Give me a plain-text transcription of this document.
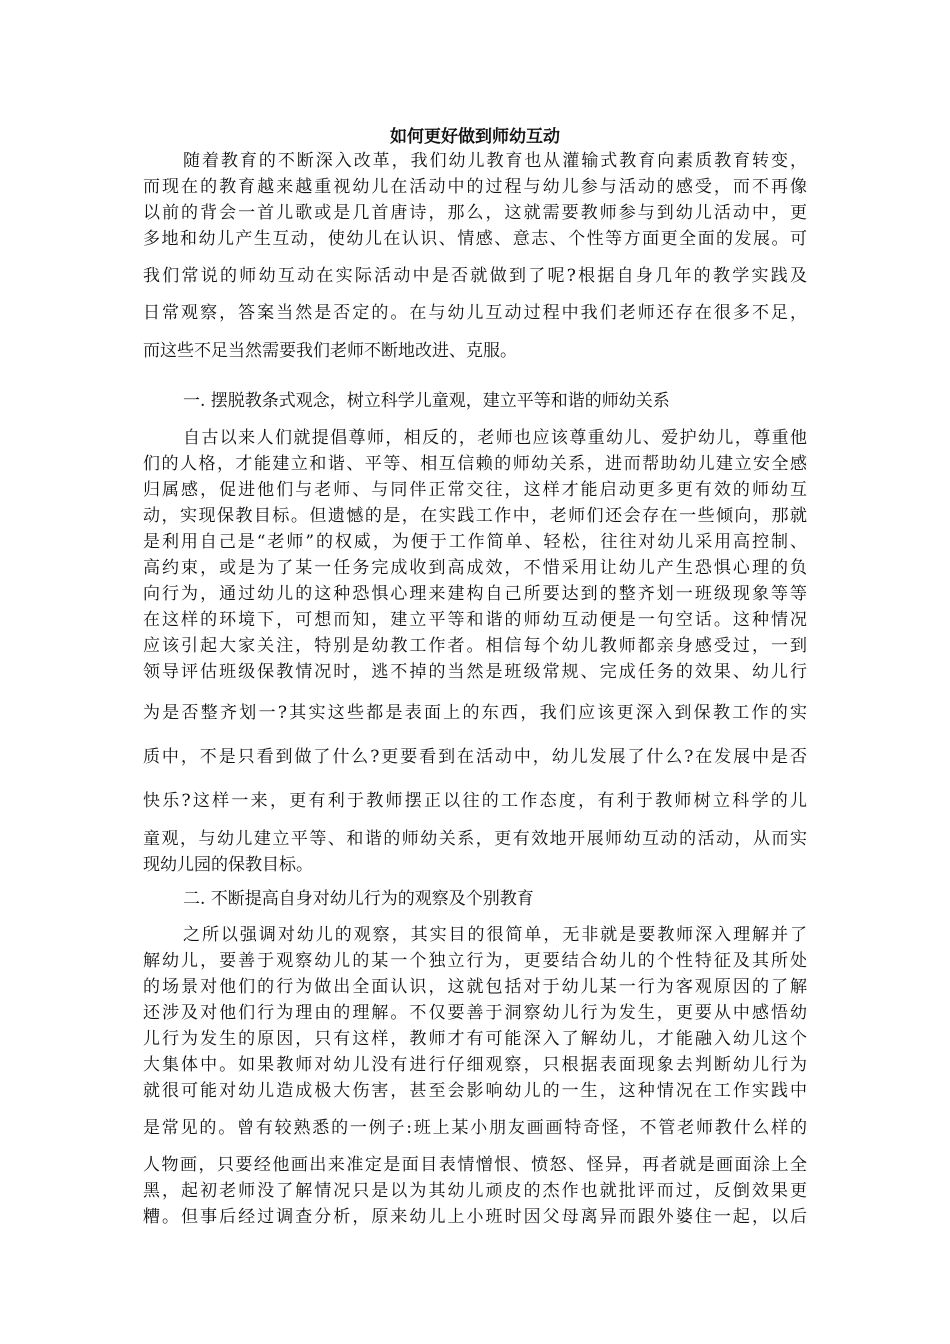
如何更好做到师幼互动
随着教育的不断深入改革，我们幼儿教育也从灌输式教育向素质教育转变，
而现在的教育越来越重视幼儿在活动中的过程与幼儿参与活动的感受，而不再像
以前的背会一首儿歌或是几首唐诗，那么，这就需要教师参与到幼儿活动中，更
多地和幼儿产生互动，使幼儿在认识、情感、意志、个性等方面更全面的发展。可
我们常说的师幼互动在实际活动中是否就做到了呢?根据自身几年的教学实践及
日常观察，答案当然是否定的。在与幼儿互动过程中我们老师还存在很多不足，
而这些不足当然需要我们老师不断地改进、克服。
一. 摆脱教条式观念，树立科学儿童观，建立平等和谐的师幼关系
自古以来人们就提倡尊师，相反的，老师也应该尊重幼儿、爱护幼儿，尊重他
们的人格，才能建立和谐、平等、相互信赖的师幼关系，进而帮助幼儿建立安全感
归属感，促进他们与老师、与同伴正常交往，这样才能启动更多更有效的师幼互
动，实现保教目标。但遗憾的是，在实践工作中，老师们还会存在一些倾向，那就
是利用自己是“老师”的权威，为便于工作简单、轻松，往往对幼儿采用高控制、
高约束，或是为了某一任务完成收到高成效，不惜采用让幼儿产生恐惧心理的负
向行为，通过幼儿的这种恐惧心理来建构自己所要达到的整齐划一班级现象等等
在这样的环境下，可想而知，建立平等和谐的师幼互动便是一句空话。这种情况
应该引起大家关注，特别是幼教工作者。相信每个幼儿教师都亲身感受过，一到
领导评估班级保教情况时，逃不掉的当然是班级常规、完成任务的效果、幼儿行
为是否整齐划一?其实这些都是表面上的东西，我们应该更深入到保教工作的实
质中，不是只看到做了什么?更要看到在活动中，幼儿发展了什么?在发展中是否
快乐?这样一来，更有利于教师摆正以往的工作态度，有利于教师树立科学的儿
童观，与幼儿建立平等、和谐的师幼关系，更有效地开展师幼互动的活动，从而实
现幼儿园的保教目标。
二. 不断提高自身对幼儿行为的观察及个别教育
之所以强调对幼儿的观察，其实目的很简单，无非就是要教师深入理解并了
解幼儿，要善于观察幼儿的某一个独立行为，更要结合幼儿的个性特征及其所处
的场景对他们的行为做出全面认识，这就包括对于幼儿某一行为客观原因的了解
还涉及对他们行为理由的理解。不仅要善于洞察幼儿行为发生，更要从中感悟幼
儿行为发生的原因，只有这样，教师才有可能深入了解幼儿，才能融入幼儿这个
大集体中。如果教师对幼儿没有进行仔细观察，只根据表面现象去判断幼儿行为
就很可能对幼儿造成极大伤害，甚至会影响幼儿的一生，这种情况在工作实践中
是常见的。曾有较熟悉的一例子:班上某小朋友画画特奇怪，不管老师教什么样的
人物画，只要经他画出来准定是面目表情憎恨、愤怒、怪异，再者就是画面涂上全
黑，起初老师没了解情况只是以为其幼儿顽皮的杰作也就批评而过，反倒效果更
糟。但事后经过调查分析，原来幼儿上小班时因父母离异而跟外婆住一起，以后
